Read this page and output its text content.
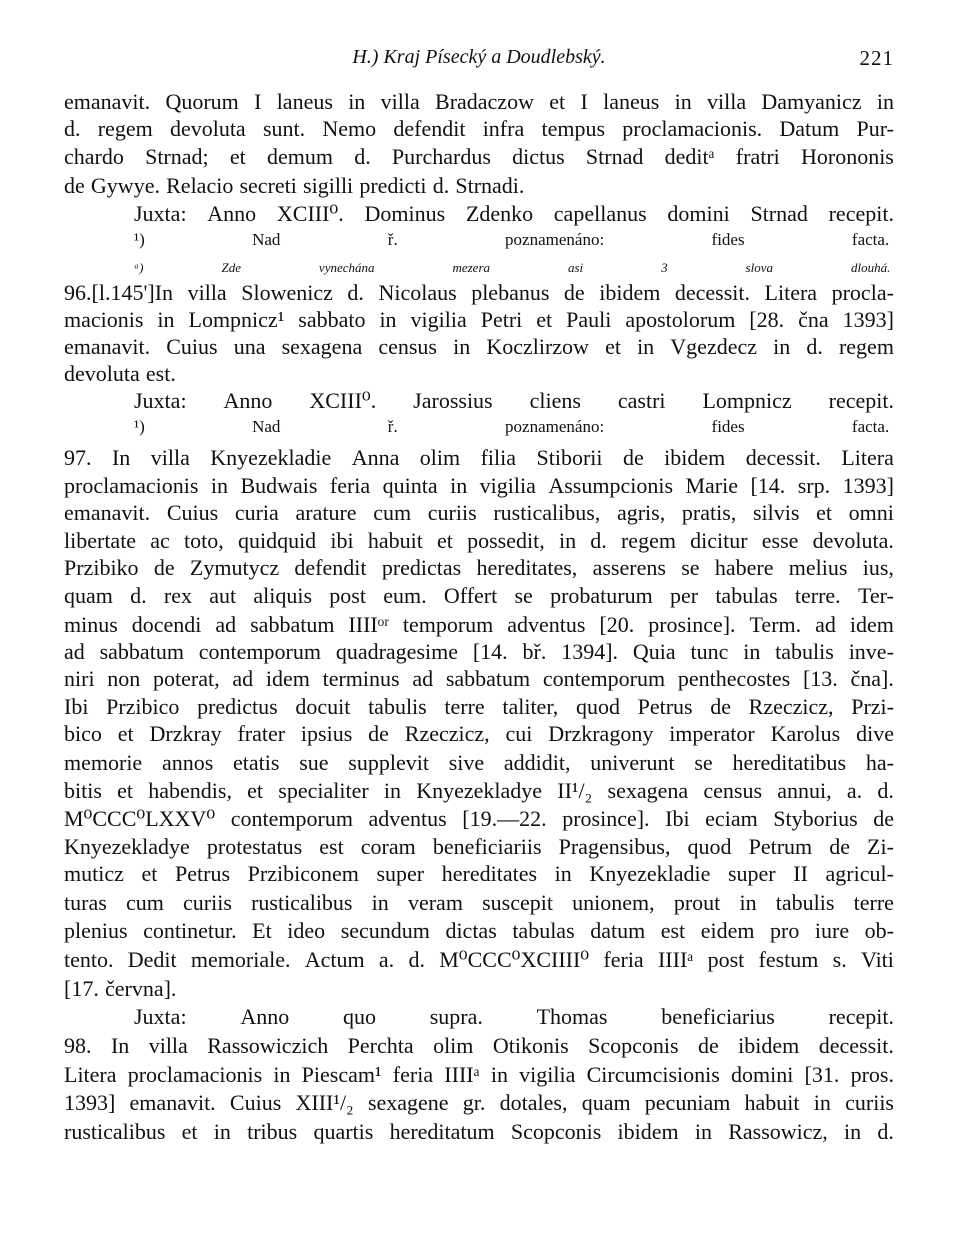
H.) Kraj Písecký a Doudlebský.	221
emanavit. Quorum I laneus in villa Bradaczow et I laneus in villa Damyanicz in
d. regem devoluta sunt. Nemo defendit infra tempus proclamacionis. Datum Pur-
chardo Strnad; et demum d. Purchardus dictus Strnad deditᵃ fratri Horononis
de Gywye. Relacio secreti sigilli predicti d. Strnadi.
Juxta: Anno XCIII⁰. Dominus Zdenko capellanus domini Strnad recepit.
¹)	Nad	ř.	poznamenáno:	fides	facta.
ᵃ)	Zde	vynechána	mezera	asi	3	slova	dlouhá.
96.[l.145']In villa Slowenicz d. Nicolaus plebanus de ibidem decessit. Litera procla-
macionis in Lompnicz¹ sabbato in vigilia Petri et Pauli apostolorum [28. čna 1393]
emanavit. Cuius una sexagena census in Koczlirzow et in Vgezdecz in d. regem
devoluta est.
Juxta: Anno XCIII⁰. Jarossius cliens castri Lompnicz recepit.
¹)	Nad	ř.	poznamenáno:	fides	facta.
97. In villa Knyezekladie Anna olim filia Stiborii de ibidem decessit. Litera
proclamacionis in Budwais feria quinta in vigilia Assumpcionis Marie [14. srp. 1393]
emanavit. Cuius curia arature cum curiis rusticalibus, agris, pratis, silvis et omni
libertate ac toto, quidquid ibi habuit et possedit, in d. regem dicitur esse devoluta.
Przibiko de Zymutycz defendit predictas hereditates, asserens se habere melius ius,
quam d. rex aut aliquis post eum. Offert se probaturum per tabulas terre. Ter-
minus docendi ad sabbatum IIIIᵒʳ temporum adventus [20. prosince]. Term. ad idem
ad sabbatum contemporum quadragesime [14. bř. 1394]. Quia tunc in tabulis inve-
niri non poterat, ad idem terminus ad sabbatum contemporum penthecostes [13. čna].
Ibi Przibico predictus docuit tabulis terre taliter, quod Petrus de Rzeczicz, Przi-
bico et Drzkray frater ipsius de Rzeczicz, cui Drzkragony imperator Karolus dive
memorie annos etatis sue supplevit sive addidit, univerunt se hereditatibus ha-
bitis et habendis, et specialiter in Knyezekladye II¹/₂ sexagena census annui, a. d.
M⁰CCC⁰LXXV⁰ contemporum adventus [19.—22. prosince]. Ibi eciam Styborius de
Knyezekladye protestatus est coram beneficiariis Pragensibus, quod Petrum de Zi-
muticz et Petrus Przibiconem super hereditates in Knyezekladie super II agricul-
turas cum curiis rusticalibus in veram suscepit unionem, prout in tabulis terre
plenius continetur. Et ideo secundum dictas tabulas datum est eidem pro iure ob-
tento. Dedit memoriale. Actum a. d. M⁰CCC⁰XCIIII⁰ feria IIIIᵃ post festum s. Viti
[17. června].
Juxta: Anno quo supra. Thomas beneficiarius recepit.
98. In villa Rassowiczich Perchta olim Otikonis Scopconis de ibidem decessit.
Litera proclamacionis in Piescam¹ feria IIIIᵃ in vigilia Circumcisionis domini [31. pros.
1393] emanavit. Cuius XIII¹/₂ sexagene gr. dotales, quam pecuniam habuit in curiis
rusticalibus et in tribus quartis hereditatum Scopconis ibidem in Rassowicz, in d.
